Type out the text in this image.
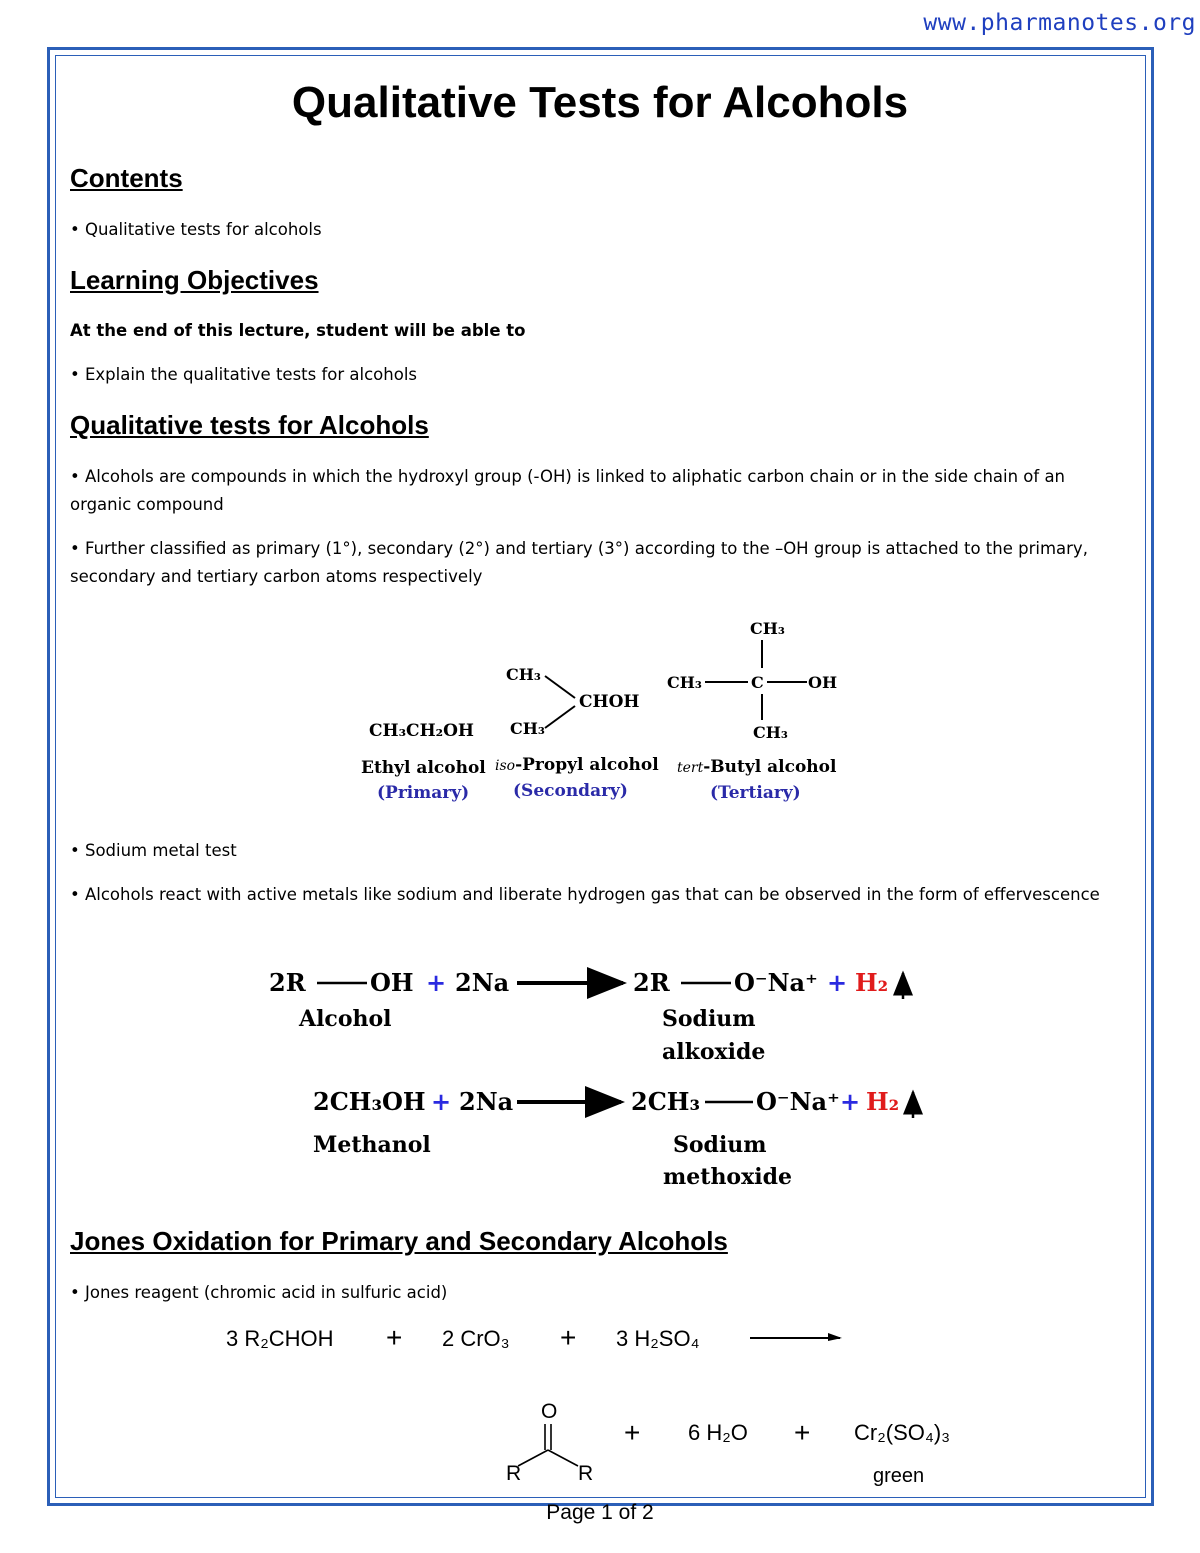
www.pharmanotes.org
Qualitative Tests for Alcohols
Contents
• Qualitative tests for alcohols
Learning Objectives
At the end of this lecture, student will be able to
• Explain the qualitative tests for alcohols
Qualitative tests for Alcohols
• Alcohols are compounds in which the hydroxyl group (-OH) is linked to aliphatic carbon chain or in the side chain of an organic compound
• Further classified as primary (1°), secondary (2°) and tertiary (3°) according to the –OH group is attached to the primary, secondary and tertiary carbon atoms respectively
• Sodium metal test
• Alcohols react with active metals like sodium and liberate hydrogen gas that can be observed in the form of effervescence
Jones Oxidation for Primary and Secondary Alcohols
• Jones reagent (chromic acid in sulfuric acid)
CH₃CH₂OH
Ethyl alcohol
(Primary)
CH₃
CH₃
CHOH
iso-Propyl alcohol
(Secondary)
CH₃
CH₃	C	OH
CH₃
tert-Butyl alcohol
(Tertiary)
2R	OH + 2Na	2R	O⁻Na⁺ + H₂
Alcohol	Sodium
alkoxide
2CH₃OH + 2Na	2CH₃ O⁻Na⁺ + H₂
Methanol	Sodium
methoxide
3 R₂CHOH + 2 CrO₃ + 3 H₂SO₄
O
R	R
+ 6 H₂O + Cr₂(SO₄)₃
green
Page 1 of 2
